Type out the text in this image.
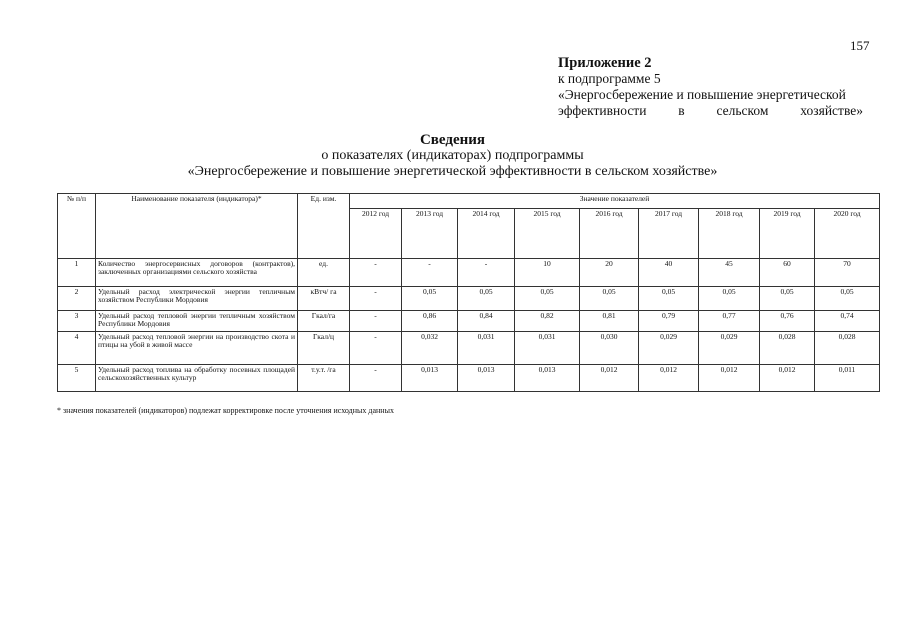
157
Приложение 2
к подпрограмме 5
«Энергосбережение и повышение энергетической
эффективности в сельском хозяйстве»
Сведения
о показателях (индикаторах) подпрограммы
«Энергосбережение и повышение энергетической эффективности в сельском хозяйстве»
№ п/п	Наименование показателя (индикатора)*	Ед. изм.	Значение показателей								
			2012 год	2013 год	2014 год	2015 год	2016 год	2017 год	2018 год	2019 год	2020 год
1	Количество энергосервисных договоров (контрактов), заключенных организациями сельского хозяйства	ед.	-	-	-	10	20	40	45	60	70
2	Удельный расход электрической энергии тепличным хозяйством Республики Мордовия	кВтч/ га	-	0,05	0,05	0,05	0,05	0,05	0,05	0,05	0,05
3	Удельный расход тепловой энергии тепличным хозяйством Республики Мордовия	Гкал/га	-	0,86	0,84	0,82	0,81	0,79	0,77	0,76	0,74
4	Удельный расход тепловой энергии на производство скота и птицы на убой в живой массе	Гкал/ц	-	0,032	0,031	0,031	0,030	0,029	0,029	0,028	0,028
5	Удельный расход топлива на обработку посевных площадей сельскохозяйственных культур	т.у.т. /га	-	0,013	0,013	0,013	0,012	0,012	0,012	0,012	0,011
* значения показателей (индикаторов) подлежат корректировке после уточнения исходных данных
